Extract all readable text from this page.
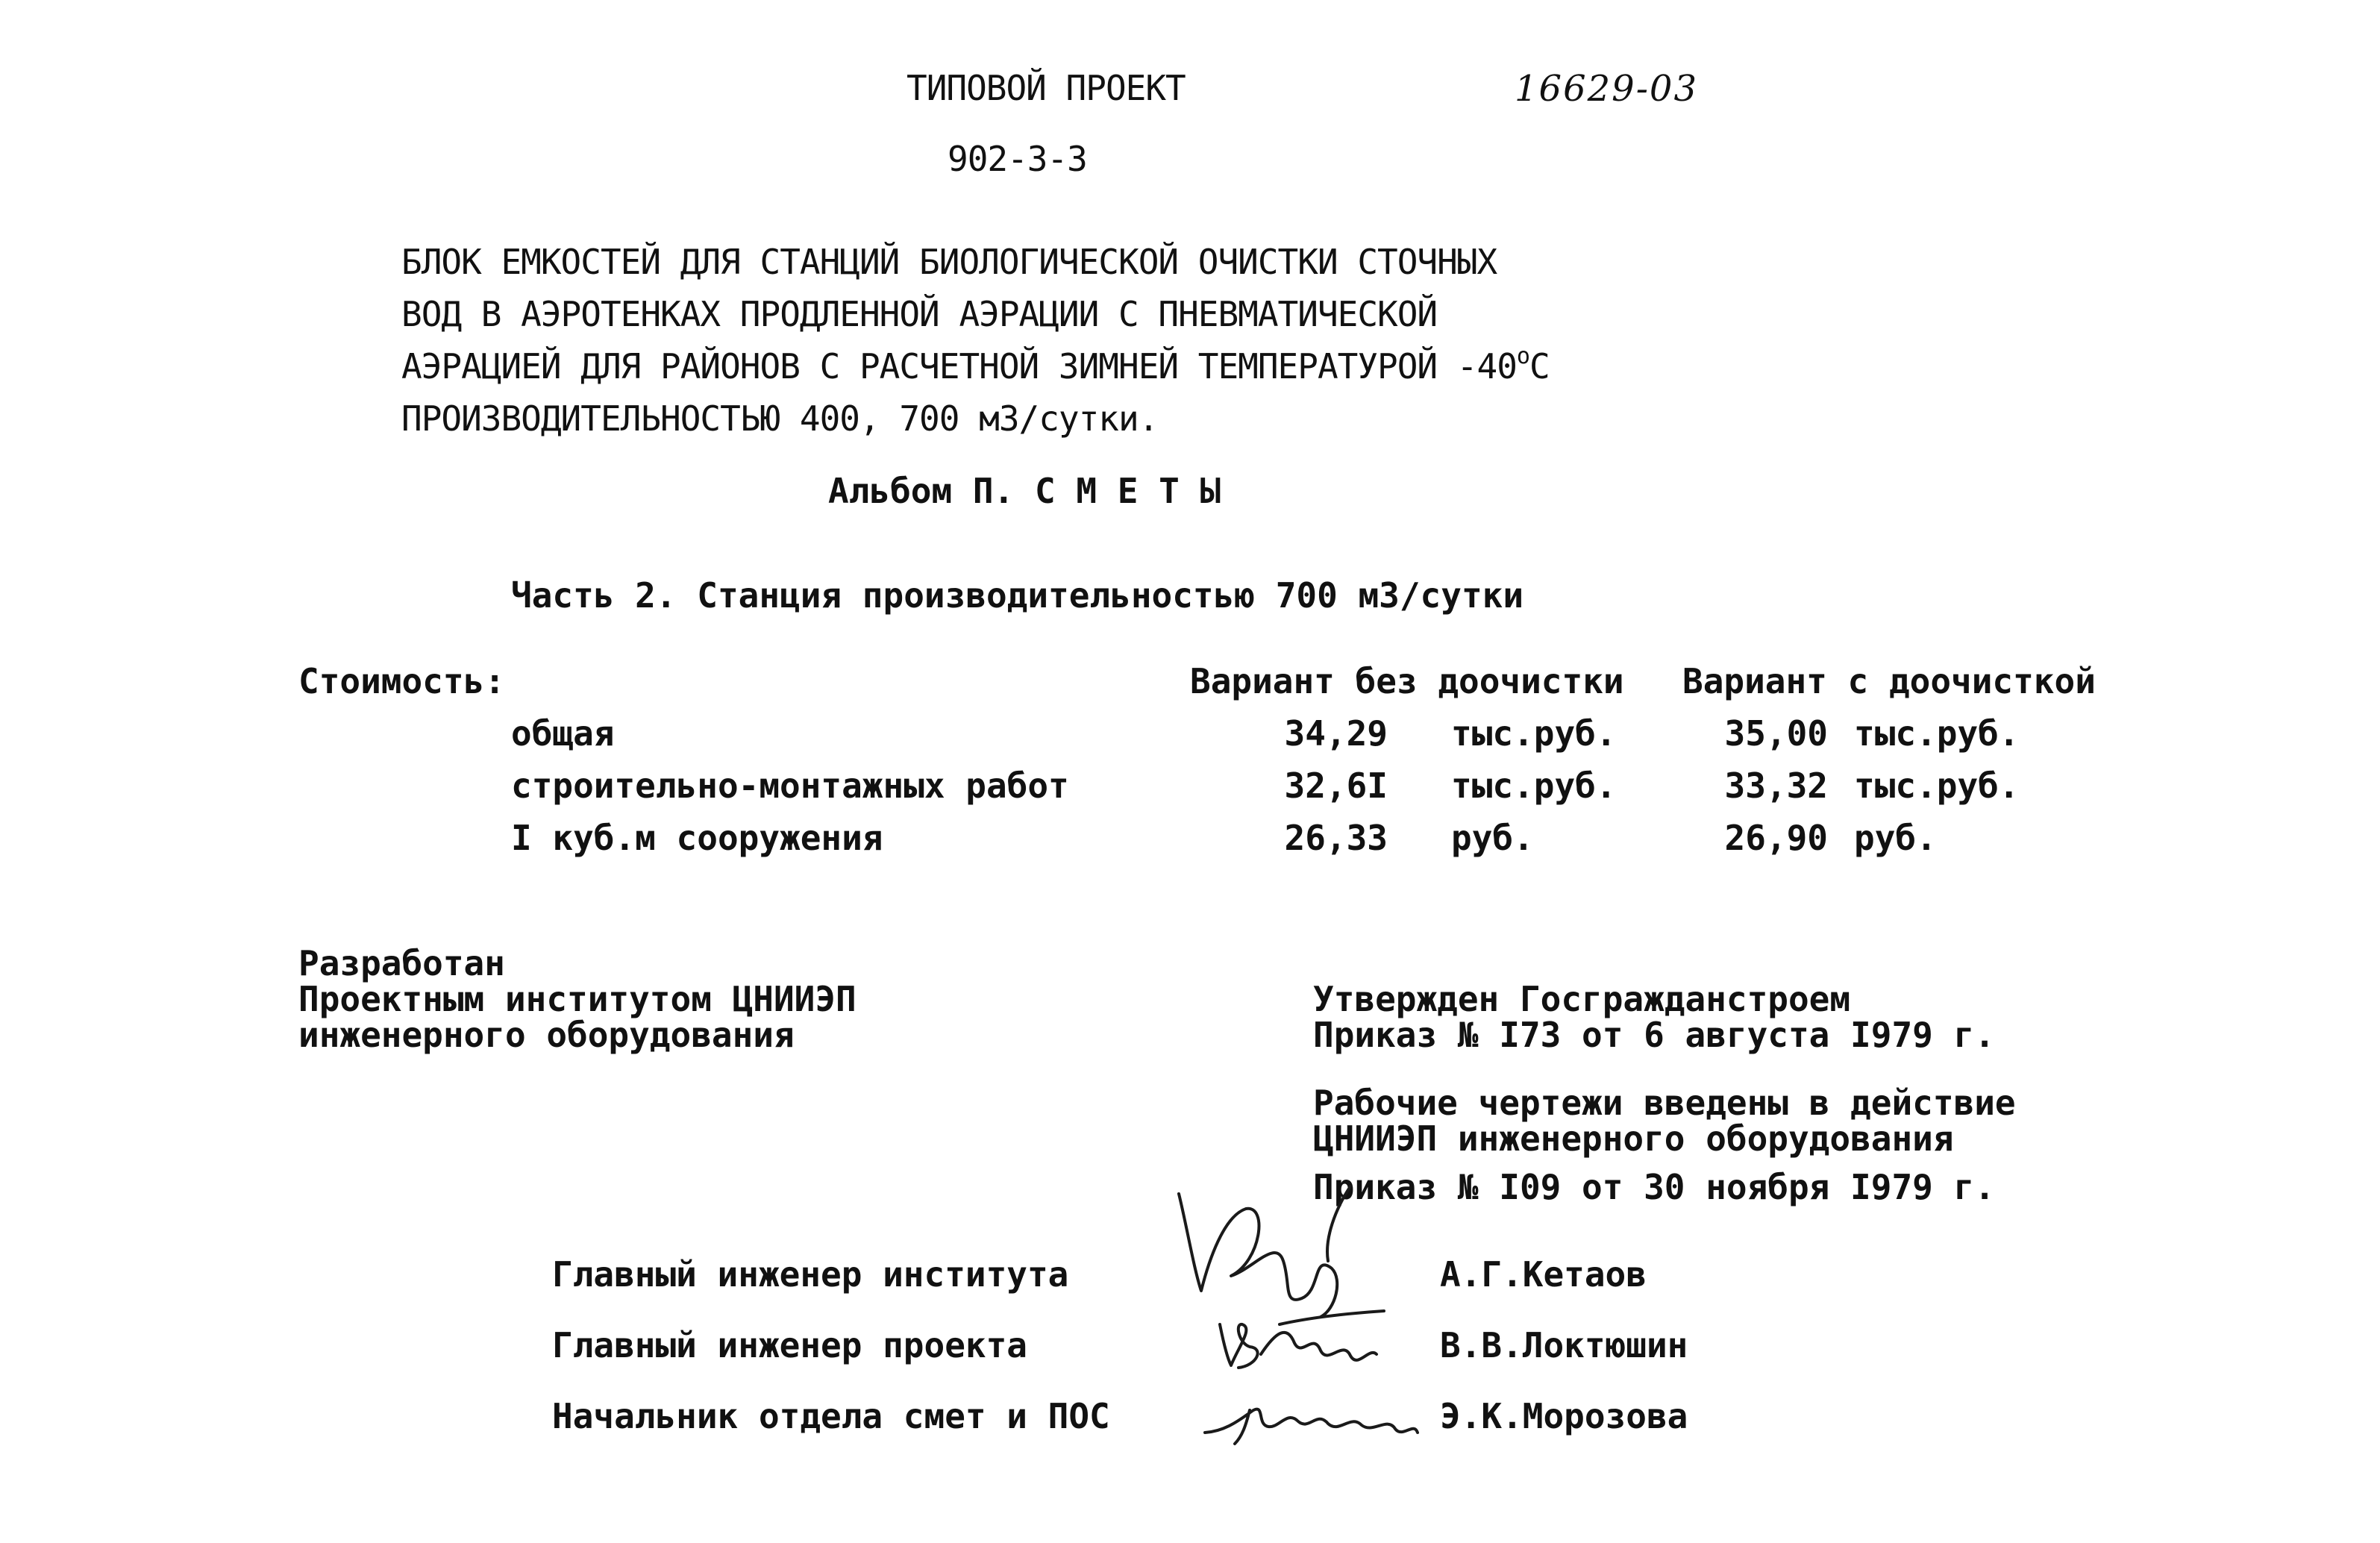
ТИПОВОЙ ПРОЕКТ	16629-03
902-3-3
БЛОК ЕМКОСТЕЙ ДЛЯ СТАНЦИЙ БИОЛОГИЧЕСКОЙ ОЧИСТКИ СТОЧНЫХ
ВОД В АЭРОТЕНКАХ ПРОДЛЕННОЙ АЭРАЦИИ С ПНЕВМАТИЧЕСКОЙ
АЭРАЦИЕЙ ДЛЯ РАЙОНОВ С РАСЧЕТНОЙ ЗИМНЕЙ ТЕМПЕРАТУРОЙ -40$^o$C
ПРОИЗВОДИТЕЛЬНОСТЬЮ 400, 700 м3/сутки.
Альбом П. С М Е Т Ы
Часть 2. Станция производительностью 700 м3/сутки
Стоимость:	Вариант без доочистки Вариант с доочисткой
общая	34,29 тыс.руб.	35,00 тыс.руб.
строительно-монтажных работ	32,6I тыс.руб.	33,32 тыс.руб.
I куб.м сооружения	26,33 руб.	26,90 руб.
Разработан
Проектным институтом ЦНИИЭП
инженерного оборудования
Утвержден Госгражданстроем
Приказ № I73 от 6 августа I979 г.
Рабочие чертежи введены в действие
ЦНИИЭП инженерного оборудования
Приказ № I09 от 30 ноября I979 г.
Главный инженер института	А.Г.Кетаов
Главный инженер проекта	В.В.Локтюшин
Начальник отдела смет и ПОС	Э.К.Морозова
